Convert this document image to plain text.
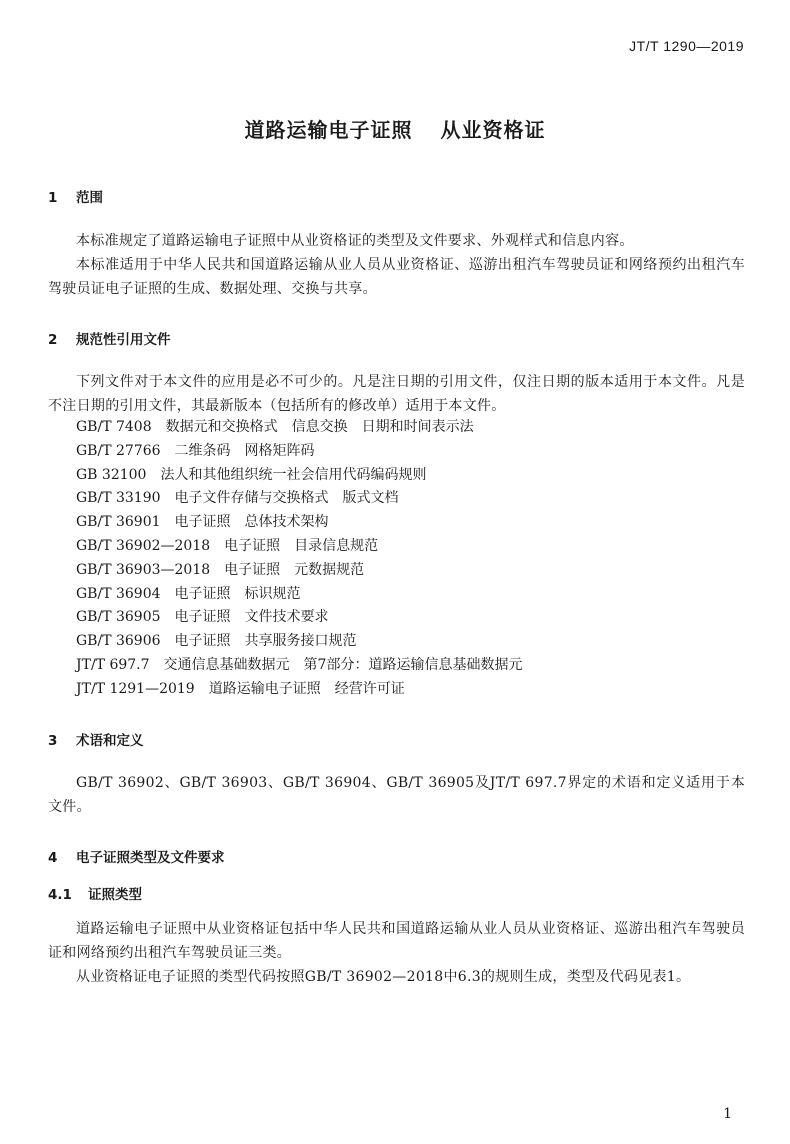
JT/T 1290—2019
道路运输电子证照 从业资格证
1 范围

本标准规定了道路运输电子证照中从业资格证的类型及文件要求、外观样式和信息内容。

本标准适用于中华人民共和国道路运输从业人员从业资格证、巡游出租汽车驾驶员证和网络预约出租汽车驾驶员证电子证照的生成、数据处理、交换与共享。

2 规范性引用文件

下列文件对于本文件的应用是必不可少的。凡是注日期的引用文件，仅注日期的版本适用于本文件。凡是不注日期的引用文件，其最新版本（包括所有的修改单）适用于本文件。

GB/T 7408 数据元和交换格式　信息交换　日期和时间表示法
GB/T 27766 二维条码　网格矩阵码
GB 32100 法人和其他组织统一社会信用代码编码规则
GB/T 33190 电子文件存储与交换格式　版式文档
GB/T 36901 电子证照　总体技术架构
GB/T 36902—2018 电子证照　目录信息规范
GB/T 36903—2018 电子证照　元数据规范
GB/T 36904 电子证照　标识规范
GB/T 36905 电子证照　文件技术要求
GB/T 36906 电子证照　共享服务接口规范
JT/T 697.7 交通信息基础数据元　第7部分：道路运输信息基础数据元
JT/T 1291—2019 道路运输电子证照　经营许可证
3 术语和定义

GB/T 36902、GB/T 36903、GB/T 36904、GB/T 36905及JT/T 697.7界定的术语和定义适用于本文件。

4 电子证照类型及文件要求
4.1 证照类型

道路运输电子证照中从业资格证包括中华人民共和国道路运输从业人员从业资格证、巡游出租汽车驾驶员证和网络预约出租汽车驾驶员证三类。

从业资格证电子证照的类型代码按照GB/T 36902—2018中6.3的规则生成，类型及代码见表1。

1
